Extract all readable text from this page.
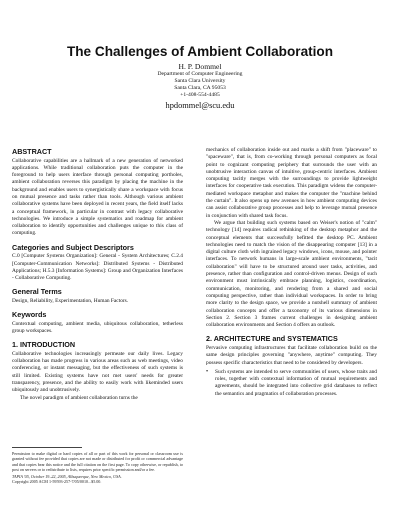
The Challenges of Ambient Collaboration
H. P. Dommel
Department of Computer Engineering
Santa Clara University
Santa Clara, CA 95053
+1-408-554-4485
hpdommel@scu.edu
ABSTRACT

Collaborative capabilities are a hallmark of a new generation of networked applications. While traditional collaboration puts the computer in the foreground to help users interface through personal computing portholes, ambient collaboration reverses this paradigm by placing the machine in the background and enables users to synergistically share a workspace with focus on mutual presence and tasks rather than tools. Although various ambient collaborative systems have been deployed in recent years, the field itself lacks a conceptual framework, in particular in contrast with legacy collaborative technologies. We introduce a simple systematics and roadmap for ambient collaboration to identify opportunities and challenges unique to this class of computing.

Categories and Subject Descriptors

C.0 [Computer Systems Organization]: General - System Architectures; C.2.4 [Computer-Communication Networks]: Distributed Systems - Distributed Applications; H.5.3 [Information Systems]: Group and Organization Interfaces - Collaborative Computing.

General Terms

Design, Reliability, Experimentation, Human Factors.

Keywords

Contextual computing, ambient media, ubiquitous collaboration, tetherless group workspaces.

1. INTRODUCTION

Collaborative technologies increasingly permeate our daily lives. Legacy collaboration has made progress in various areas such as web meetings, video conferencing, or instant messaging, but the effectiveness of such systems is still limited. Existing systems have not met users' needs for greater transparency, presence, and the ability to easily work with likeminded users ubiquitously and unobtrusively.

The novel paradigm of ambient collaboration turns the

Permission to make digital or hard copies of all or part of this work for personal or classroom use is granted without fee provided that copies are not made or distributed for profit or commercial advantage and that copies bear this notice and the full citation on the first page. To copy otherwise, or republish, to post on servers or to redistribute to lists, requires prior specific permission and/or a fee.

TAPIA '05, October 19–22, 2005, Albuquerque, New Mexico, USA.

Copyright 2005 ACM 1-59593-257-7/05/0010...$5.00.

mechanics of collaboration inside out and marks a shift from "placeware" to "spaceware", that is, from co-working through personal computers as focal point to cognizant computing periphery that surrounds the user with an unobtrusive interaction canvas of intuitive, group-centric interfaces. Ambient computing tacitly merges with the surroundings to provide lightweight interfaces for cooperative task execution. This paradigm widens the computer-mediated workspace metaphor and makes the computer the "machine behind the curtain". It also opens up new avenues in how ambient computing devices can assist collaborative group processes and help to leverage mutual presence in conjunction with shared task focus.

We argue that building such systems based on Weiser's notion of "calm" technology [14] requires radical rethinking of the desktop metaphor and the conceptual elements that successfully befitted the desktop PC. Ambient technologies need to match the vision of the disappearing computer [13] in a digital culture cloth with ingrained legacy windows, icons, mouse, and pointer interfaces. To network humans in large-scale ambient environments, "tacit collaboration" will have to be structured around user tasks, activities, and presence, rather than configuration and control-driven menus. Design of such environment must intrinsically embrace planning, logistics, coordination, communication, monitoring, and rendering from a shared and social computing perspective, rather than individual workspaces. In order to bring more clarity to the design space, we provide a nutshell summary of ambient collaboration concepts and offer a taxonomy of its various dimensions in Section 2. Section 3 frames current challenges in designing ambient collaboration environments and Section 4 offers an outlook.

2. ARCHITECTURE and SYSTEMATICS

Pervasive computing infrastructures that facilitate collaboration build on the same design principles governing "anywhere, anytime" computing. They possess specific characteristics that need to be considered by developers.

•	Such systems are intended to serve communities of users, whose traits and roles, together with contextual information of mutual requirements and agreements, should be integrated into collective grid databases to reflect the semantics and pragmatics of collaboration processes.
